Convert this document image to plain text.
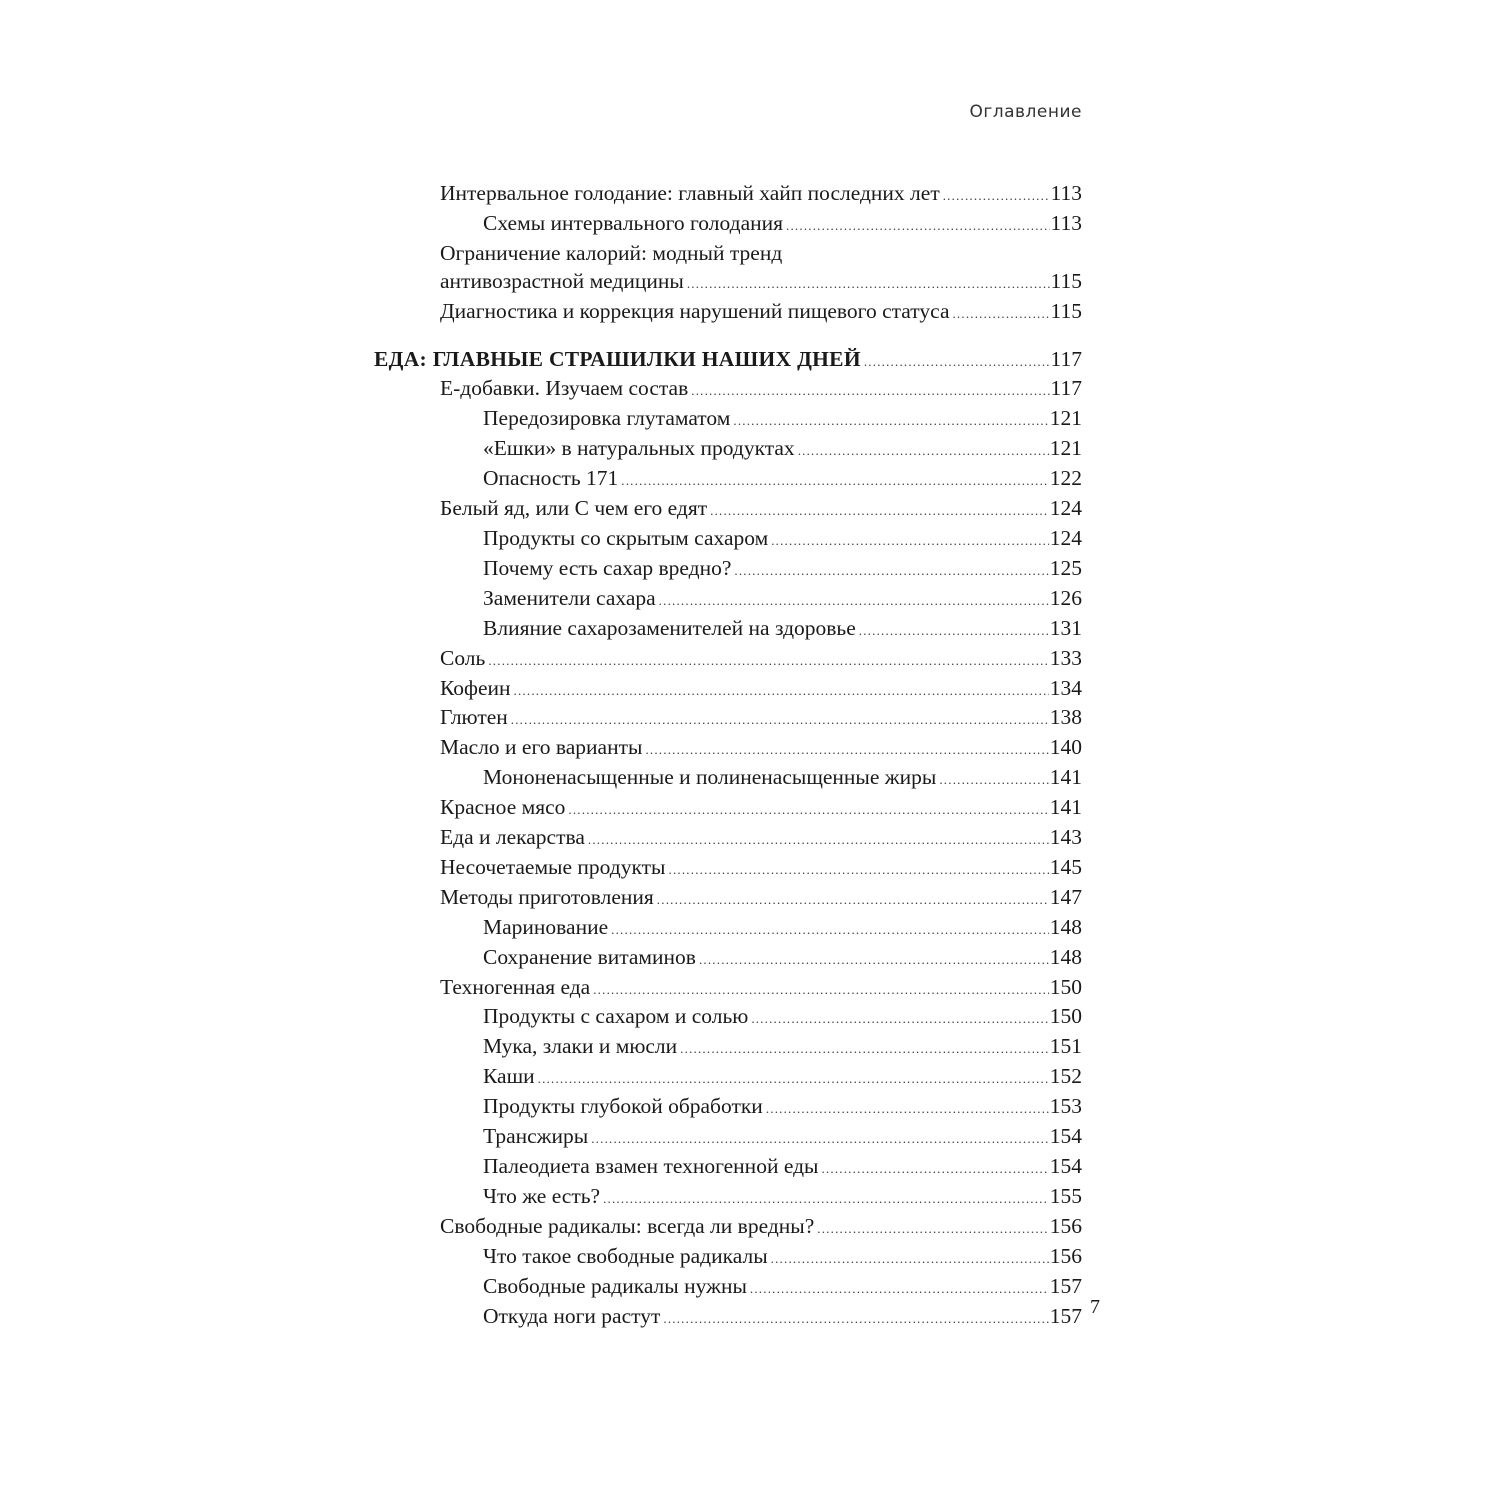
Оглавление
Интервальное голодание: главный хайп последних лет .....	113
Схемы интервального голодания .....	113
Ограничение калорий: модный тренд
антивозрастной медицины .....	115
Диагностика и коррекция нарушений пищевого статуса .....	115
ЕДА: ГЛАВНЫЕ СТРАШИЛКИ НАШИХ ДНЕЙ .....	117
Е-добавки. Изучаем состав .....	117
Передозировка глутаматом .....	121
«Ешки» в натуральных продуктах .....	121
Опасность 171 .....	122
Белый яд, или С чем его едят .....	124
Продукты со скрытым сахаром .....	124
Почему есть сахар вредно? .....	125
Заменители сахара .....	126
Влияние сахарозаменителей на здоровье .....	131
Соль .....	133
Кофеин .....	134
Глютен .....	138
Масло и его варианты .....	140
Мононенасыщенные и полиненасыщенные жиры .....	141
Красное мясо .....	141
Еда и лекарства .....	143
Несочетаемые продукты .....	145
Методы приготовления .....	147
Маринование .....	148
Сохранение витаминов .....	148
Техногенная еда .....	150
Продукты с сахаром и солью .....	150
Мука, злаки и мюсли .....	151
Каши .....	152
Продукты глубокой обработки .....	153
Трансжиры .....	154
Палеодиета взамен техногенной еды .....	154
Что же есть? .....	155
Свободные радикалы: всегда ли вредны? .....	156
Что такое свободные радикалы .....	156
Свободные радикалы нужны .....	157
Откуда ноги растут .....	157 7
